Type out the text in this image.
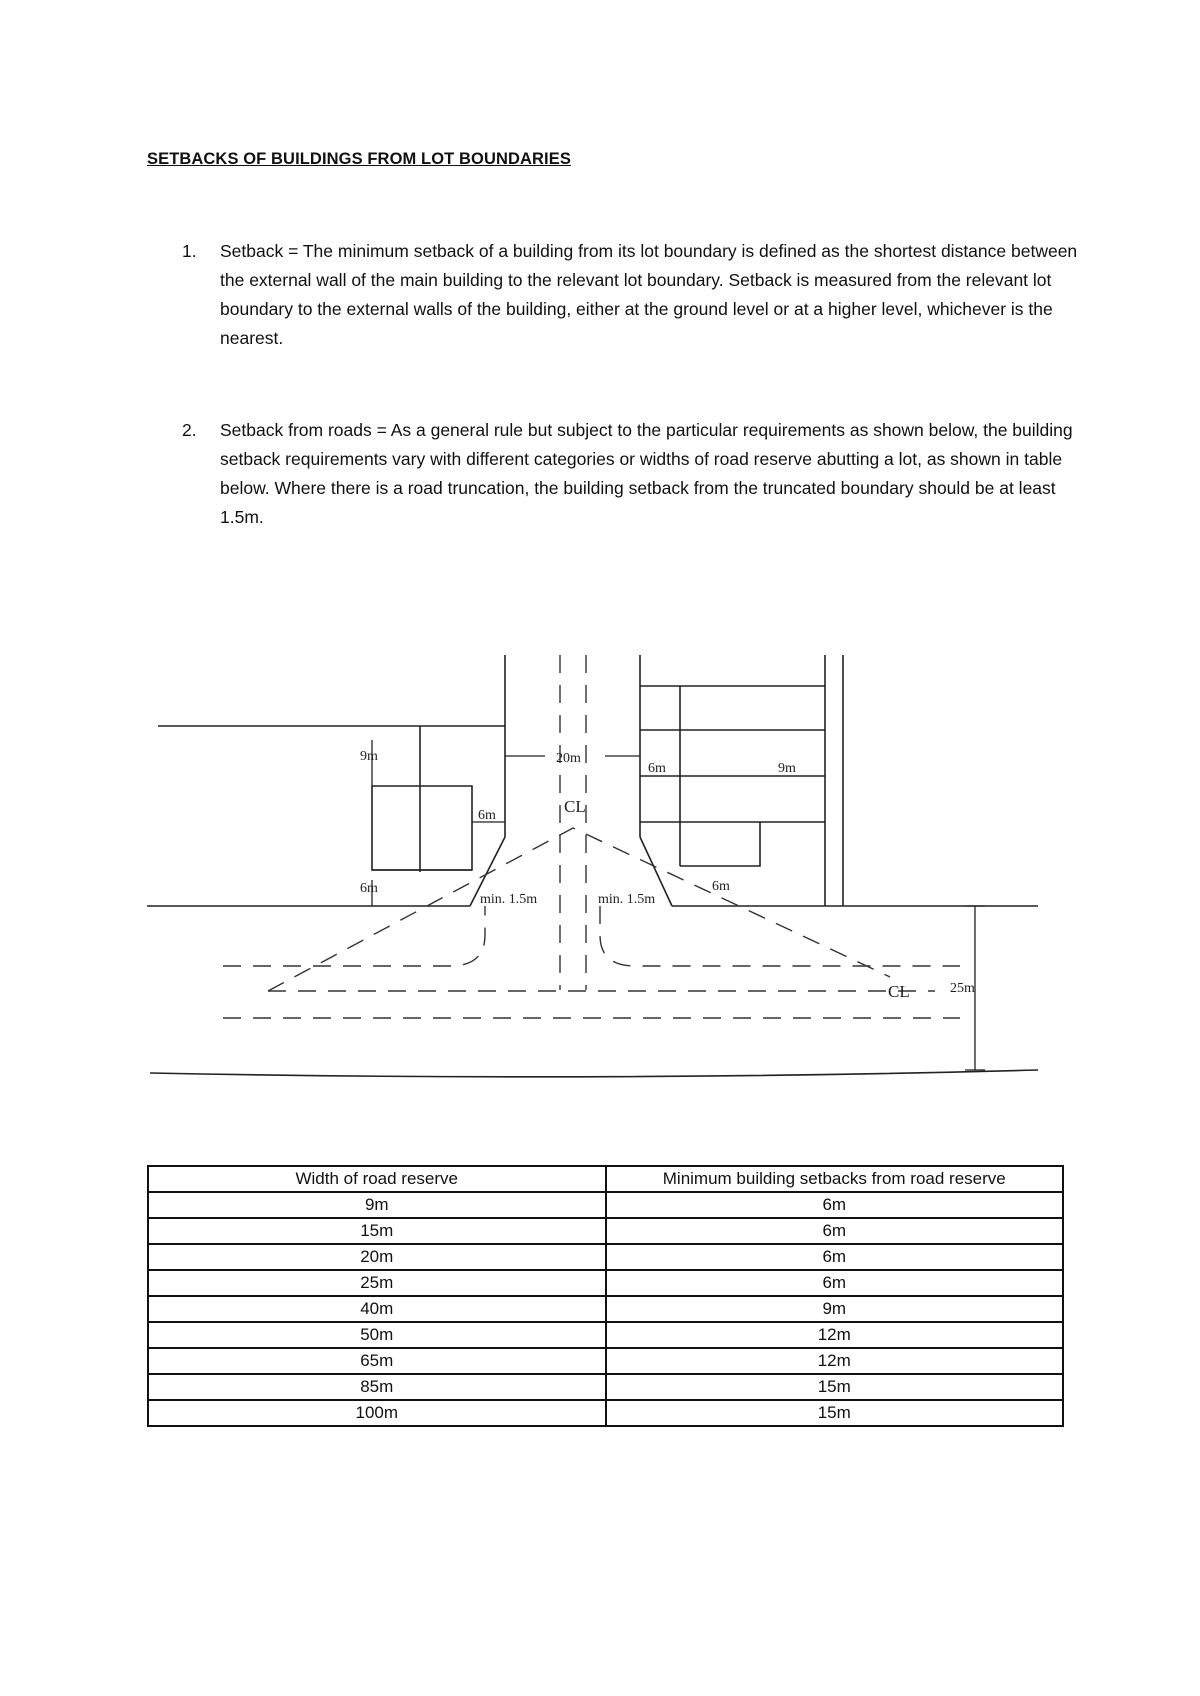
SETBACKS OF BUILDINGS FROM LOT BOUNDARIES
1. Setback = The minimum setback of a building from its lot boundary is defined as the shortest distance between the external wall of the main building to the relevant lot boundary. Setback is measured from the relevant lot boundary to the external walls of the building, either at the ground level or at a higher level, whichever is the nearest.
2. Setback from roads = As a general rule but subject to the particular requirements as shown below, the building setback requirements vary with different categories or widths of road reserve abutting a lot, as shown in table below. Where there is a road truncation, the building setback from the truncated boundary should be at least 1.5m.
9m
6m
6m
20m
CL
6m	9m
6m
min. 1.5m	min. 1.5m
CL	25m
Width of road reserve	Minimum building setbacks from road reserve
9m	6m
15m	6m
20m	6m
25m	6m
40m	9m
50m	12m
65m	12m
85m	15m
100m	15m
